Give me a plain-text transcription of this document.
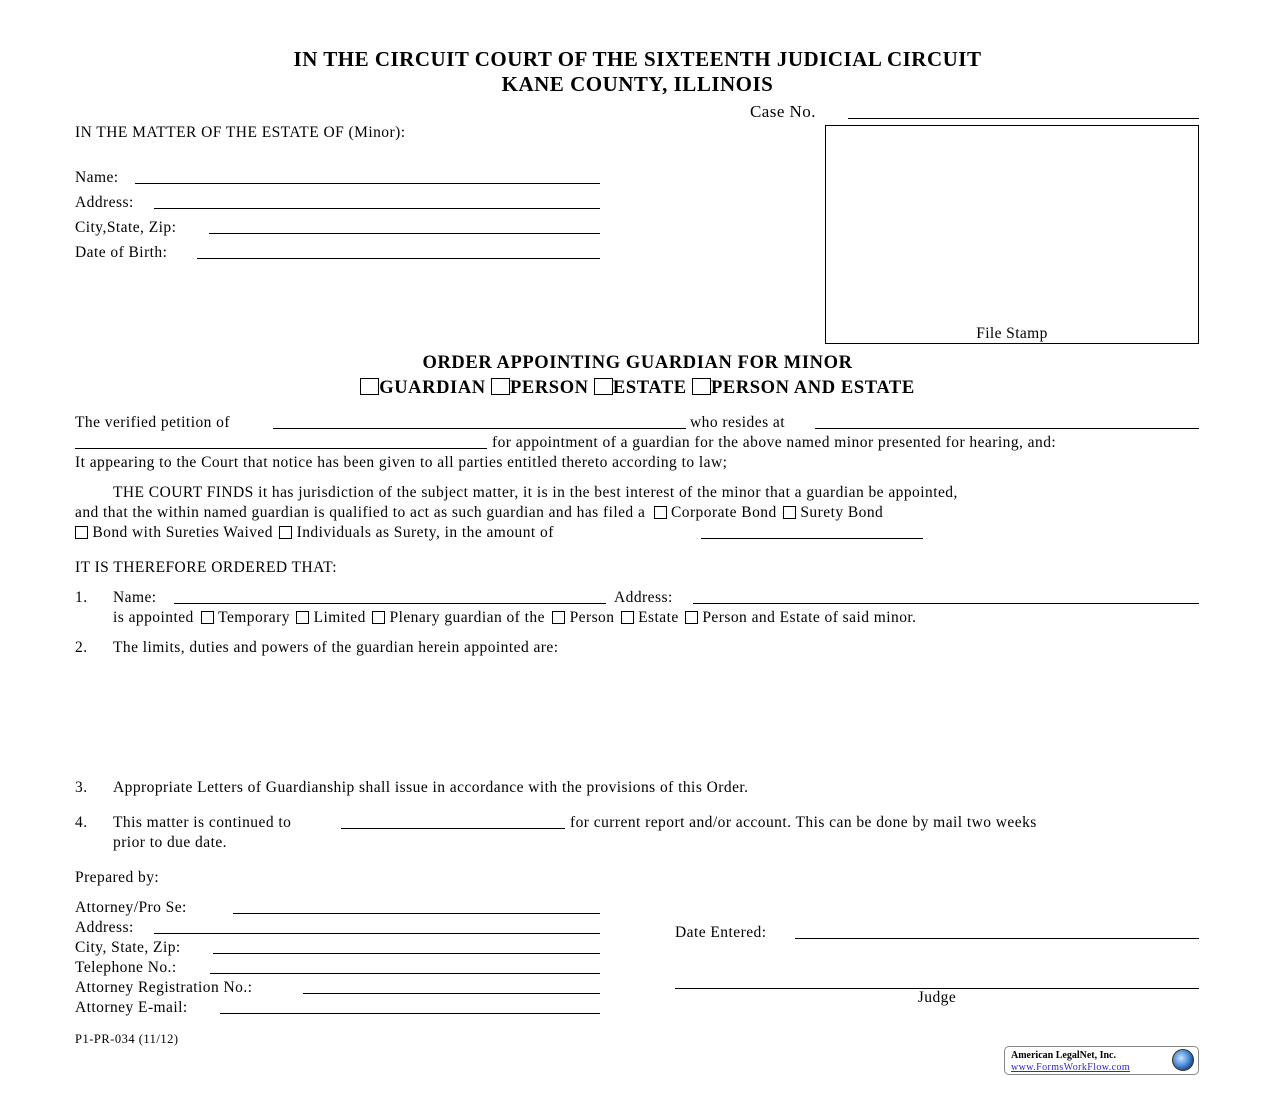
IN THE CIRCUIT COURT OF THE SIXTEENTH JUDICIAL CIRCUIT
KANE COUNTY, ILLINOIS
Case No.
IN THE MATTER OF THE ESTATE OF (Minor):
Name:
Address:
City,State, Zip:
Date of Birth:
File Stamp
ORDER APPOINTING GUARDIAN FOR MINOR
GUARDIAN PERSON ESTATE PERSON AND ESTATE
The verified petition of	who resides at
for appointment of a guardian for the above named minor presented for hearing, and:
It appearing to the Court that notice has been given to all parties entitled thereto according to law;
THE COURT FINDS it has jurisdiction of the subject matter, it is in the best interest of the minor that a guardian be appointed,
and that the within named guardian is qualified to act as such guardian and has filed a Corporate Bond Surety Bond
Bond with Sureties Waived Individuals as Surety, in the amount of
IT IS THEREFORE ORDERED THAT:
1. Name:	Address:
is appointed Temporary Limited Plenary guardian of the Person Estate Person and Estate of said minor.
2. The limits, duties and powers of the guardian herein appointed are:
3. Appropriate Letters of Guardianship shall issue in accordance with the provisions of this Order.
4. This matter is continued to	for current report and/or account. This can be done by mail two weeks
prior to due date.
Prepared by:
Attorney/Pro Se:
Address:
City, State, Zip:
Telephone No.:
Attorney Registration No.:
Attorney E-mail:
Date Entered:
Judge
P1-PR-034 (11/12)
American LegalNet, Inc.
www.FormsWorkFlow.com
